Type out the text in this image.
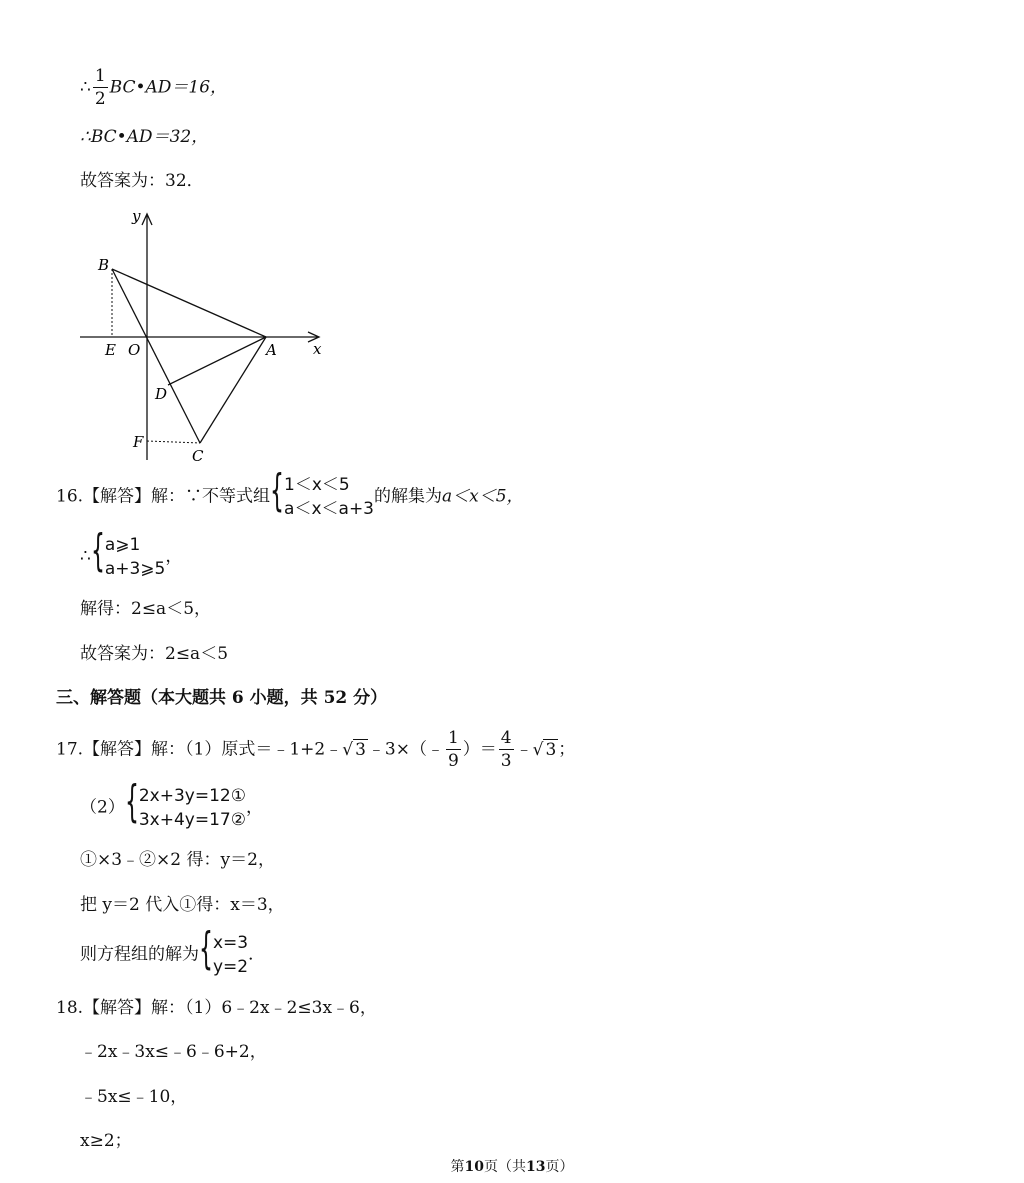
∴ $\frac{1}{2}$ BC•AD＝16，
∴BC•AD＝32，
故答案为：32．
y
x
B
E O	A
D
F
C
16.【解答】解：∵不等式组 { 1＜x＜5
a＜x＜a+3
的解集为a＜x＜5，
∴ { a⩾1
a+3⩾5
，
解得：2≤a＜5，
故答案为：2≤a＜5
三、解答题（本大题共 6 小题，共 52 分）
17.【解答】解：（1）原式＝﹣1+2﹣√ 3 ﹣3×（﹣ $\frac{1}{9}$ ）＝ $\frac{4}{3}$ ﹣√ 3 ；
（2） { 2x+3y=12①
3x+4y=17②
，
①×3﹣②×2 得：y＝2，
把 y＝2 代入①得：x＝3，
则方程组的解为 { x=3
y=2
．
18.【解答】解：（1）6﹣2x﹣2≤3x﹣6，
﹣2x﹣3x≤﹣6﹣6+2，
﹣5x≤﹣10，
x≥2；
第10页（共13页）
